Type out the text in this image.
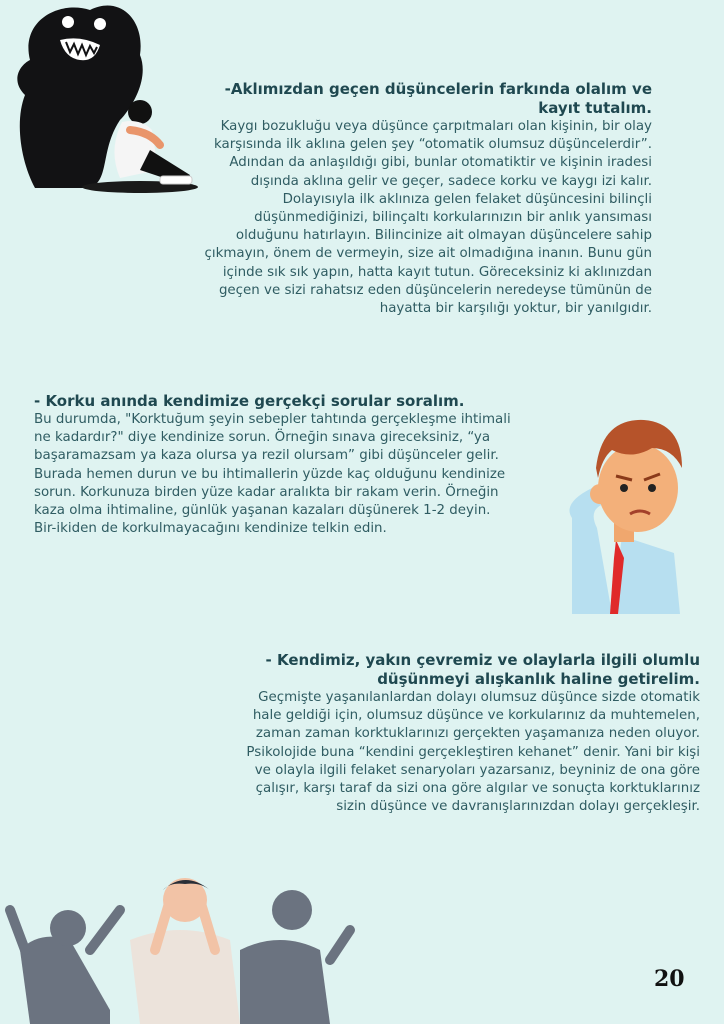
-Aklımızdan geçen düşüncelerin farkında olalım ve kayıt tutalım.

Kaygı bozukluğu veya düşünce çarpıtmaları olan kişinin, bir olay karşısında ilk aklına gelen şey “otomatik olumsuz düşüncelerdir”. Adından da anlaşıldığı gibi, bunlar otomatiktir ve kişinin iradesi dışında aklına gelir ve geçer, sadece korku ve kaygı izi kalır. Dolayısıyla ilk aklınıza gelen felaket düşüncesini bilinçli düşünmediğinizi, bilinçaltı korkularınızın bir anlık yansıması olduğunu hatırlayın. Bilincinize ait olmayan düşüncelere sahip çıkmayın, önem de vermeyin, size ait olmadığına inanın. Bunu gün içinde sık sık yapın, hatta kayıt tutun. Göreceksiniz ki aklınızdan geçen ve sizi rahatsız eden düşüncelerin neredeyse tümünün de hayatta bir karşılığı yoktur, bir yanılgıdır.

- Korku anında kendimize gerçekçi sorular soralım.

Bu durumda, "Korktuğum şeyin sebepler tahtında gerçekleşme ihtimali ne kadardır?" diye kendinize sorun. Örneğin sınava gireceksiniz, “ya başaramazsam ya kaza olursa ya rezil olursam” gibi düşünceler gelir. Burada hemen durun ve bu ihtimallerin yüzde kaç olduğunu kendinize sorun. Korkunuza birden yüze kadar aralıkta bir rakam verin. Örneğin kaza olma ihtimaline, günlük yaşanan kazaları düşünerek 1-2 deyin. Bir-ikiden de korkulmayacağını kendinize telkin edin.

- Kendimiz, yakın çevremiz ve olaylarla ilgili olumlu düşünmeyi alışkanlık haline getirelim.

Geçmişte yaşanılanlardan dolayı olumsuz düşünce sizde otomatik hale geldiği için, olumsuz düşünce ve korkularınız da muhtemelen, zaman zaman korktuklarınızı gerçekten yaşamanıza neden oluyor. Psikolojide buna “kendini gerçekleştiren kehanet” denir. Yani bir kişi ve olayla ilgili felaket senaryoları yazarsanız, beyniniz de ona göre çalışır, karşı taraf da sizi ona göre algılar ve sonuçta korktuklarınız sizin düşünce ve davranışlarınızdan dolayı gerçekleşir.

20
